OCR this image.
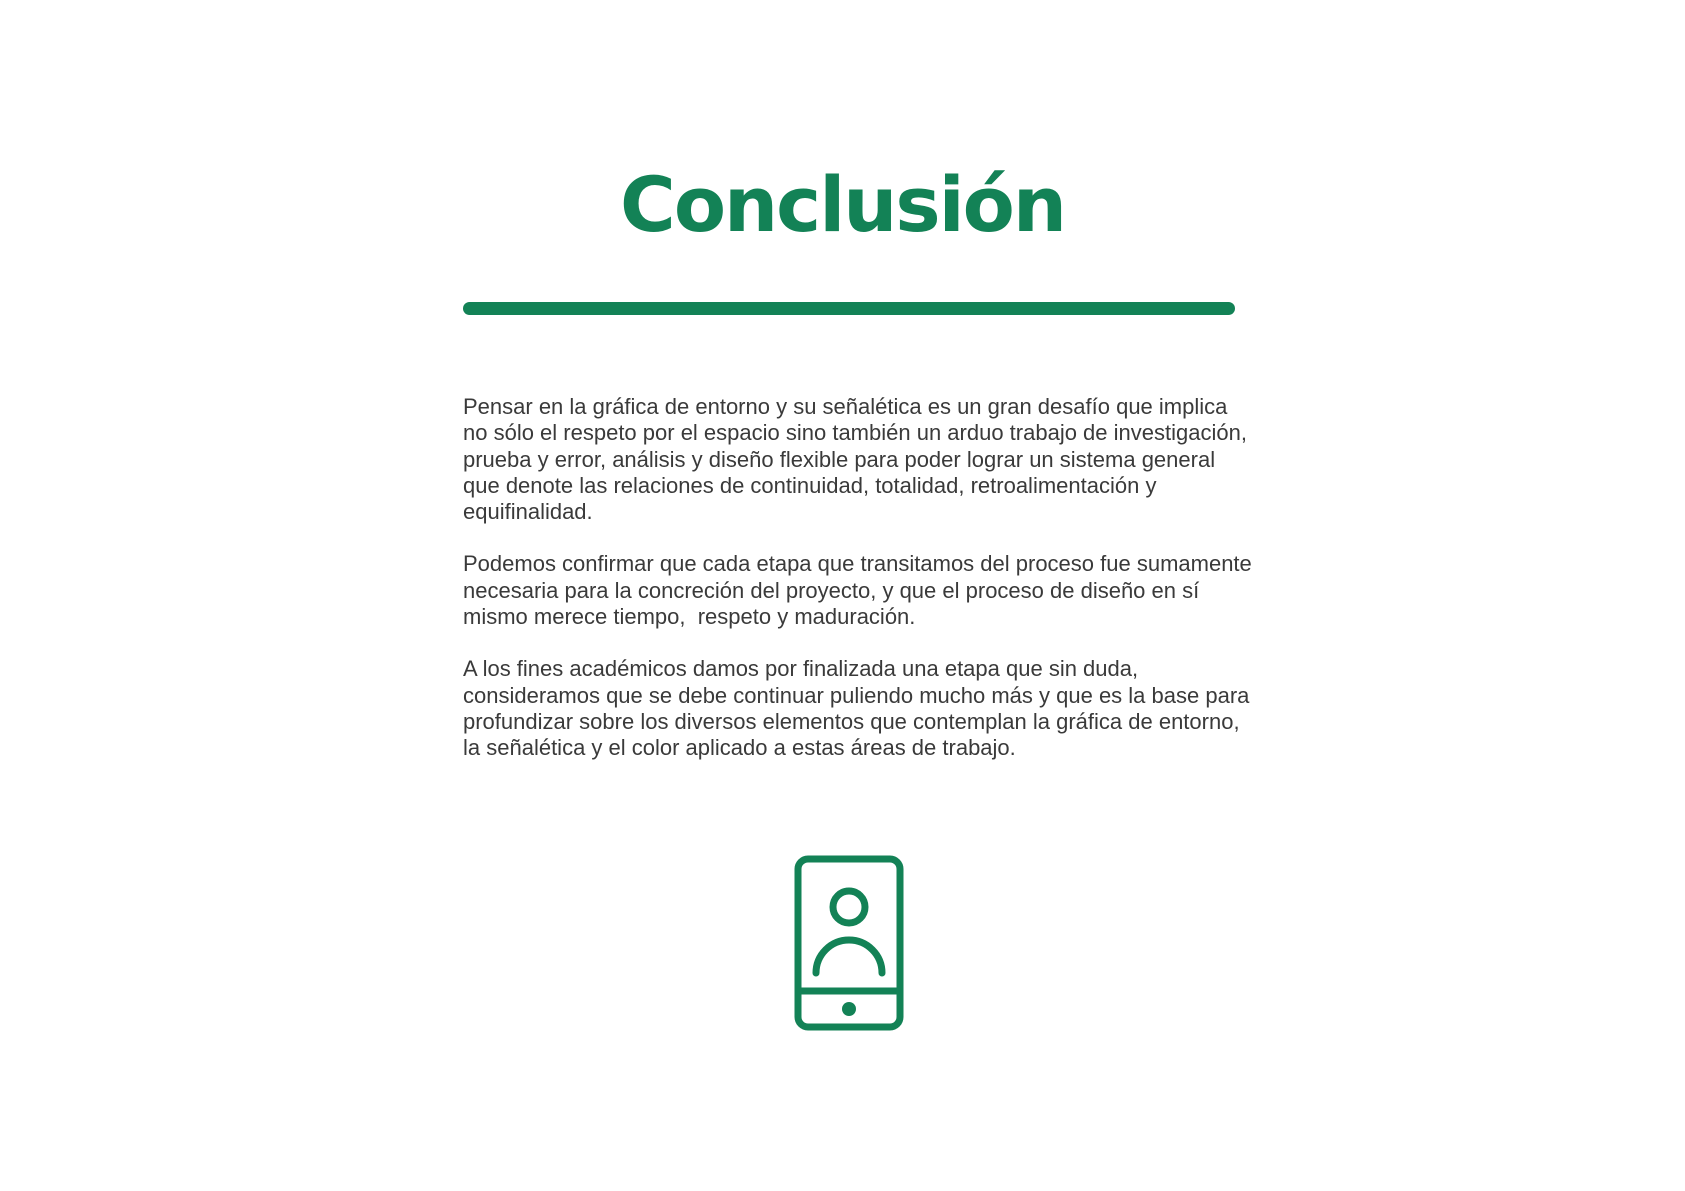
Conclusión

Pensar en la gráfica de entorno y su señalética es un gran desafío que implica no sólo el respeto por el espacio sino también un arduo trabajo de investigación, prueba y error, análisis y diseño flexible para poder lograr un sistema general que denote las relaciones de continuidad, totalidad, retroalimentación y equifinalidad.

Podemos confirmar que cada etapa que transitamos del proceso fue sumamente necesaria para la concreción del proyecto, y que el proceso de diseño en sí mismo merece tiempo,  respeto y maduración.

A los fines académicos damos por finalizada una etapa que sin duda, consideramos que se debe continuar puliendo mucho más y que es la base para profundizar sobre los diversos elementos que contemplan la gráfica de entorno, la señalética y el color aplicado a estas áreas de trabajo.
